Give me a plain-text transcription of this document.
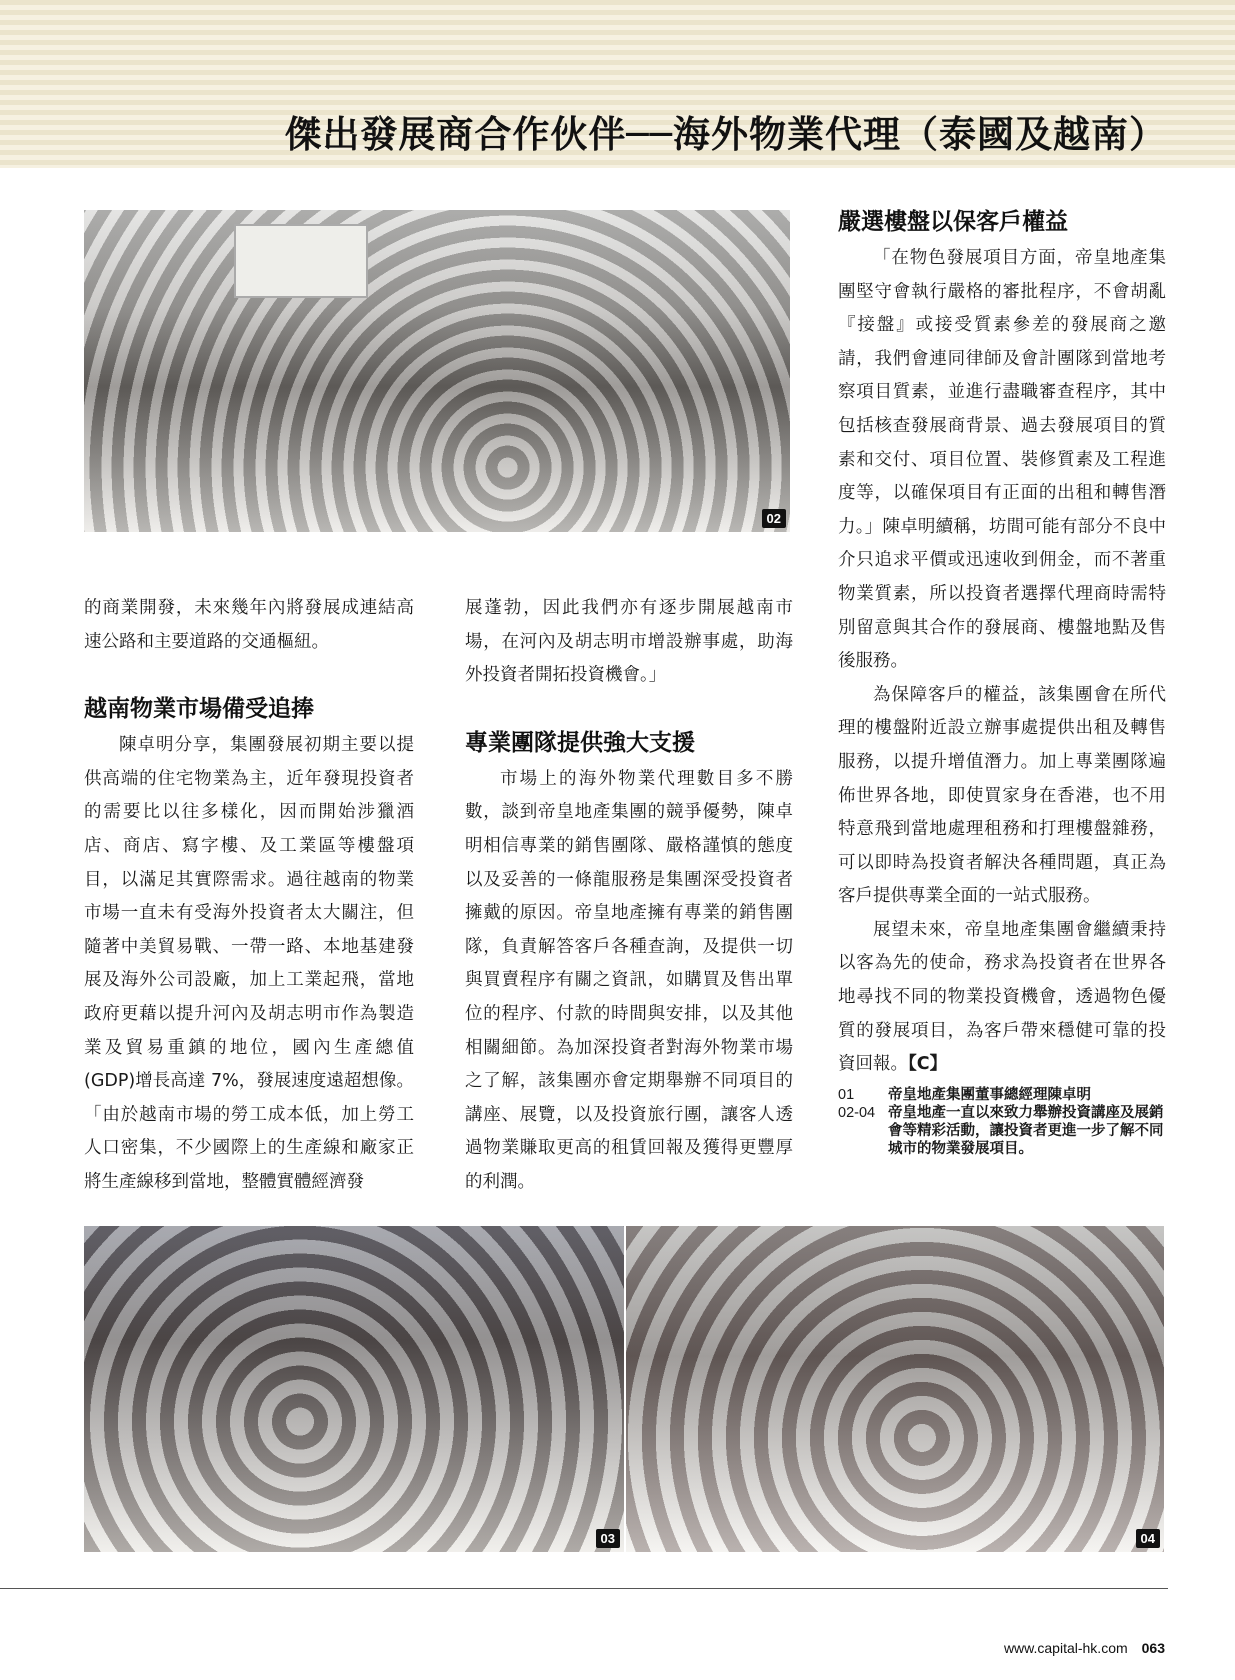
傑出發展商合作伙伴──海外物業代理（泰國及越南）
02

的商業開發，未來幾年內將發展成連結高速公路和主要道路的交通樞紐。

越南物業市場備受追捧

陳卓明分享，集團發展初期主要以提供高端的住宅物業為主，近年發現投資者的需要比以往多樣化，因而開始涉獵酒店、商店、寫字樓、及工業區等樓盤項目，以滿足其實際需求。過往越南的物業市場一直未有受海外投資者太大關注，但隨著中美貿易戰、一帶一路、本地基建發展及海外公司設廠，加上工業起飛，當地政府更藉以提升河內及胡志明市作為製造業及貿易重鎮的地位，國內生產總值(GDP)增長高達 7%，發展速度遠超想像。「由於越南市場的勞工成本低，加上勞工人口密集，不少國際上的生產線和廠家正將生產線移到當地，整體實體經濟發

展蓬勃，因此我們亦有逐步開展越南市場，在河內及胡志明市增設辦事處，助海外投資者開拓投資機會。」

專業團隊提供強大支援

市場上的海外物業代理數目多不勝數，談到帝皇地產集團的競爭優勢，陳卓明相信專業的銷售團隊、嚴格謹慎的態度以及妥善的一條龍服務是集團深受投資者擁戴的原因。帝皇地產擁有專業的銷售團隊，負責解答客戶各種查詢，及提供一切與買賣程序有關之資訊，如購買及售出單位的程序、付款的時間與安排，以及其他相關細節。為加深投資者對海外物業市場之了解，該集團亦會定期舉辦不同項目的講座、展覽，以及投資旅行團，讓客人透過物業賺取更高的租賃回報及獲得更豐厚的利潤。

嚴選樓盤以保客戶權益

「在物色發展項目方面，帝皇地產集團堅守會執行嚴格的審批程序，不會胡亂『接盤』或接受質素參差的發展商之邀請，我們會連同律師及會計團隊到當地考察項目質素，並進行盡職審查程序，其中包括核查發展商背景、過去發展項目的質素和交付、項目位置、裝修質素及工程進度等，以確保項目有正面的出租和轉售潛力。」陳卓明續稱，坊間可能有部分不良中介只追求平價或迅速收到佣金，而不著重物業質素，所以投資者選擇代理商時需特別留意與其合作的發展商、樓盤地點及售後服務。

為保障客戶的權益，該集團會在所代理的樓盤附近設立辦事處提供出租及轉售服務，以提升增值潛力。加上專業團隊遍佈世界各地，即使買家身在香港，也不用特意飛到當地處理租務和打理樓盤雜務，可以即時為投資者解決各種問題，真正為客戶提供專業全面的一站式服務。

展望未來，帝皇地產集團會繼續秉持以客為先的使命，務求為投資者在世界各地尋找不同的物業投資機會，透過物色優質的發展項目，為客戶帶來穩健可靠的投資回報。【C】

01	帝皇地產集團董事總經理陳卓明
02-04 帝皇地產一直以來致力舉辦投資講座及展銷會等精彩活動，讓投資者更進一步了解不同城市的物業發展項目。
03	04
www.capital-hk.com 063
